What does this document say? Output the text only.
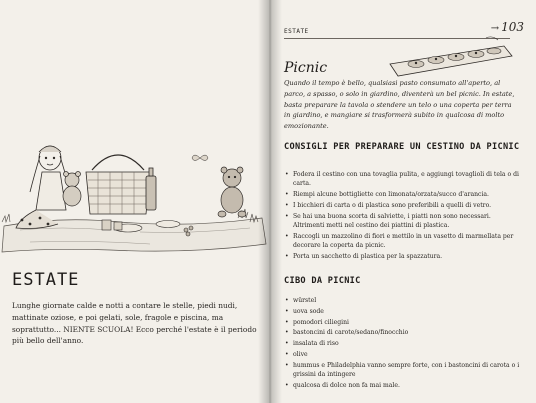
ESTATE
Lunghe giornate calde e notti a contare le stelle, piedi nudi, mattinate oziose, e poi gelati, sole, fragole e piscina, ma soprattutto... NIENTE SCUOLA! Ecco perché l'estate è il periodo più bello dell'anno.
ESTATE	→ 103
Picnic
Quando il tempo è bello, qualsiasi pasto consumato all'aperto, al parco, a spasso, o solo in giardino, diventerà un bel picnic. In estate, basta preparare la tavola o stendere un telo o una coperta per terra in giardino, e mangiare si trasformerà subito in qualcosa di molto emozionante.
CONSIGLI PER PREPARARE UN CESTINO DA PICNIC
• Fodera il cestino con una tovaglia pulita, e aggiungi tovaglioli di tela o di carta.
• Riempi alcune bottigliette con limonata/orzata/succo d'arancia.
• I bicchieri di carta o di plastica sono preferibili a quelli di vetro.
• Se hai una buona scorta di salviette, i piatti non sono necessari. Altrimenti metti nel cestino dei piattini di plastica.
• Raccogli un mazzolino di fiori e mettilo in un vasetto di marmellata per decorare la coperta da picnic.
• Porta un sacchetto di plastica per la spazzatura.
CIBO DA PICNIC
• würstel
• uova sode
• pomodori ciliegini
• bastoncini di carote/sedano/finocchio
• insalata di riso
• olive
• hummus e Philadelphia vanno sempre forte, con i bastoncini di carota o i grissini da intingere
• qualcosa di dolce non fa mai male.
